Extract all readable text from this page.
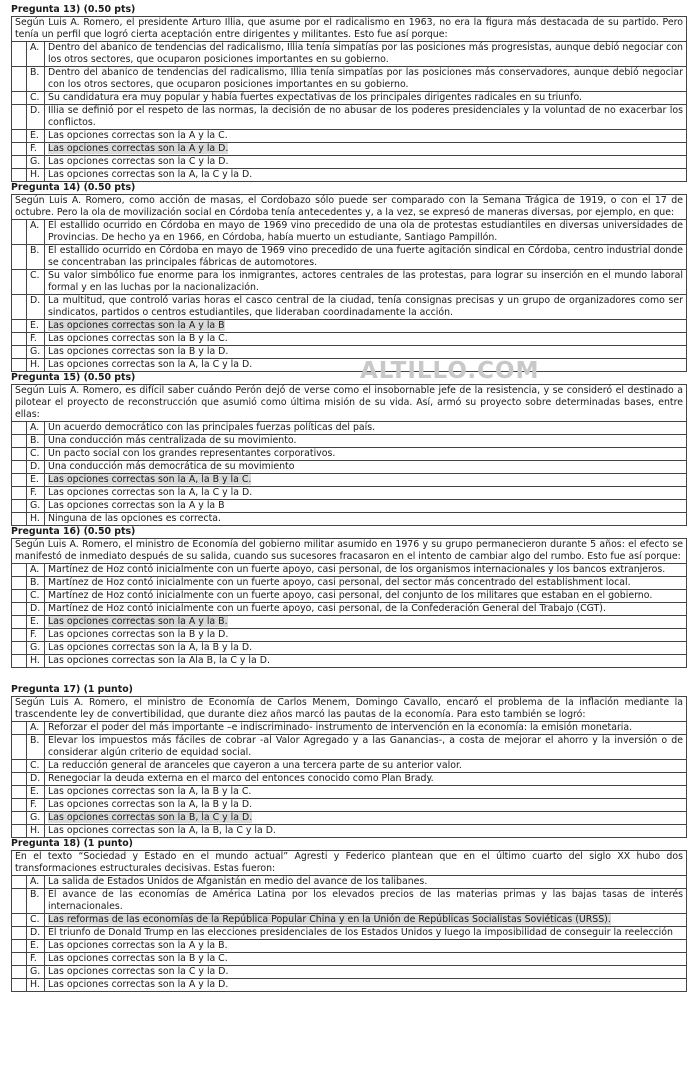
Pregunta 13) (0.50 pts)
Según Luis A. Romero, el presidente Arturo Illia, que asume por el radicalismo en 1963, no era la figura más destacada de su partido. Pero tenía un perfil que logró cierta aceptación entre dirigentes y militantes. Esto fue así porque:		
	A.	Dentro del abanico de tendencias del radicalismo, Illia tenía simpatías por las posiciones más progresistas, aunque debió negociar con los otros sectores, que ocuparon posiciones importantes en su gobierno.
	B.	Dentro del abanico de tendencias del radicalismo, Illia tenía simpatías por las posiciones más conservadores, aunque debió negociar con los otros sectores, que ocuparon posiciones importantes en su gobierno.
	C.	Su candidatura era muy popular y había fuertes expectativas de los principales dirigentes radicales en su triunfo.
	D.	Illia se definió por el respeto de las normas, la decisión de no abusar de los poderes presidenciales y la voluntad de no exacerbar los conflictos.
	E.	Las opciones correctas son la A y la C.
	F.	Las opciones correctas son la A y la D.
	G.	Las opciones correctas son la C y la D.
	H.	Las opciones correctas son la A, la C y la D.
Pregunta 14) (0.50 pts)
Según Luis A. Romero, como acción de masas, el Cordobazo sólo puede ser comparado con la Semana Trágica de 1919, o con el 17 de octubre. Pero la ola de movilización social en Córdoba tenía antecedentes y, a la vez, se expresó de maneras diversas, por ejemplo, en que:		
	A.	El estallido ocurrido en Córdoba en mayo de 1969 vino precedido de una ola de protestas estudiantiles en diversas universidades de Provincias. De hecho ya en 1966, en Córdoba, había muerto un estudiante, Santiago Pampillón.
	B.	El estallido ocurrido en Córdoba en mayo de 1969 vino precedido de una fuerte agitación sindical en Córdoba, centro industrial donde se concentraban las principales fábricas de automotores.
	C.	Su valor simbólico fue enorme para los inmigrantes, actores centrales de las protestas, para lograr su inserción en el mundo laboral formal y en las luchas por la nacionalización.
	D.	La multitud, que controló varias horas el casco central de la ciudad, tenía consignas precisas y un grupo de organizadores como ser sindicatos, partidos o centros estudiantiles, que lideraban coordinadamente la acción.
	E.	Las opciones correctas son la A y la B
	F.	Las opciones correctas son la B y la C.
	G.	Las opciones correctas son la B y la D.
	H.	Las opciones correctas son la A, la C y la D.
Pregunta 15) (0.50 pts)
Según Luis A. Romero, es difícil saber cuándo Perón dejó de verse como el insobornable jefe de la resistencia, y se consideró el destinado a pilotear el proyecto de reconstrucción que asumió como última misión de su vida. Así, armó su proyecto sobre determinadas bases, entre ellas:		
	A.	Un acuerdo democrático con las principales fuerzas políticas del país.
	B.	Una conducción más centralizada de su movimiento.
	C.	Un pacto social con los grandes representantes corporativos.
	D.	Una conducción más democrática de su movimiento
	E.	Las opciones correctas son la A, la B y la C.
	F.	Las opciones correctas son la A, la C y la D.
	G.	Las opciones correctas son la A y la B
	H.	Ninguna de las opciones es correcta.
Pregunta 16) (0.50 pts)
Según Luis A. Romero, el ministro de Economía del gobierno militar asumido en 1976 y su grupo permanecieron durante 5 años: el efecto se manifestó de inmediato después de su salida, cuando sus sucesores fracasaron en el intento de cambiar algo del rumbo. Esto fue así porque:		
	A.	Martínez de Hoz contó inicialmente con un fuerte apoyo, casi personal, de los organismos internacionales y los bancos extranjeros.
	B.	Martínez de Hoz contó inicialmente con un fuerte apoyo, casi personal, del sector más concentrado del establishment local.
	C.	Martínez de Hoz contó inicialmente con un fuerte apoyo, casi personal, del conjunto de los militares que estaban en el gobierno.
	D.	Martínez de Hoz contó inicialmente con un fuerte apoyo, casi personal, de la Confederación General del Trabajo (CGT).
	E.	Las opciones correctas son la A y la B.
	F.	Las opciones correctas son la B y la D.
	G.	Las opciones correctas son la A, la B y la D.
	H.	Las opciones correctas son la Ala B, la C y la D.
Pregunta 17) (1 punto)
Según Luis A. Romero, el ministro de Economía de Carlos Menem, Domingo Cavallo, encaró el problema de la inflación mediante la trascendente ley de convertibilidad, que durante diez años marcó las pautas de la economía. Para esto también se logró:		
	A.	Reforzar el poder del más importante –e indiscriminado- instrumento de intervención en la economía: la emisión monetaria.
	B.	Elevar los impuestos más fáciles de cobrar -al Valor Agregado y a las Ganancias-, a costa de mejorar el ahorro y la inversión o de considerar algún criterio de equidad social.
	C.	La reducción general de aranceles que cayeron a una tercera parte de su anterior valor.
	D.	Renegociar la deuda externa en el marco del entonces conocido como Plan Brady.
	E.	Las opciones correctas son la A, la B y la C.
	F.	Las opciones correctas son la A, la B y la D.
	G.	Las opciones correctas son la B, la C y la D.
	H.	Las opciones correctas son la A, la B, la C y la D.
Pregunta 18) (1 punto)
En el texto “Sociedad y Estado en el mundo actual” Agresti y Federico plantean que en el último cuarto del siglo XX hubo dos transformaciones estructurales decisivas. Estas fueron:		
	A.	La salida de Estados Unidos de Afganistán en medio del avance de los talibanes.
	B.	El avance de las economías de América Latina por los elevados precios de las materias primas y las bajas tasas de interés internacionales.
	C.	Las reformas de las economías de la República Popular China y en la Unión de Repúblicas Socialistas Soviéticas (URSS).
	D.	El triunfo de Donald Trump en las elecciones presidenciales de los Estados Unidos y luego la imposibilidad de conseguir la reelección
	E.	Las opciones correctas son la A y la B.
	F.	Las opciones correctas son la B y la C.
	G.	Las opciones correctas son la C y la D.
	H.	Las opciones correctas son la A y la D.
ALTILLO.COM
